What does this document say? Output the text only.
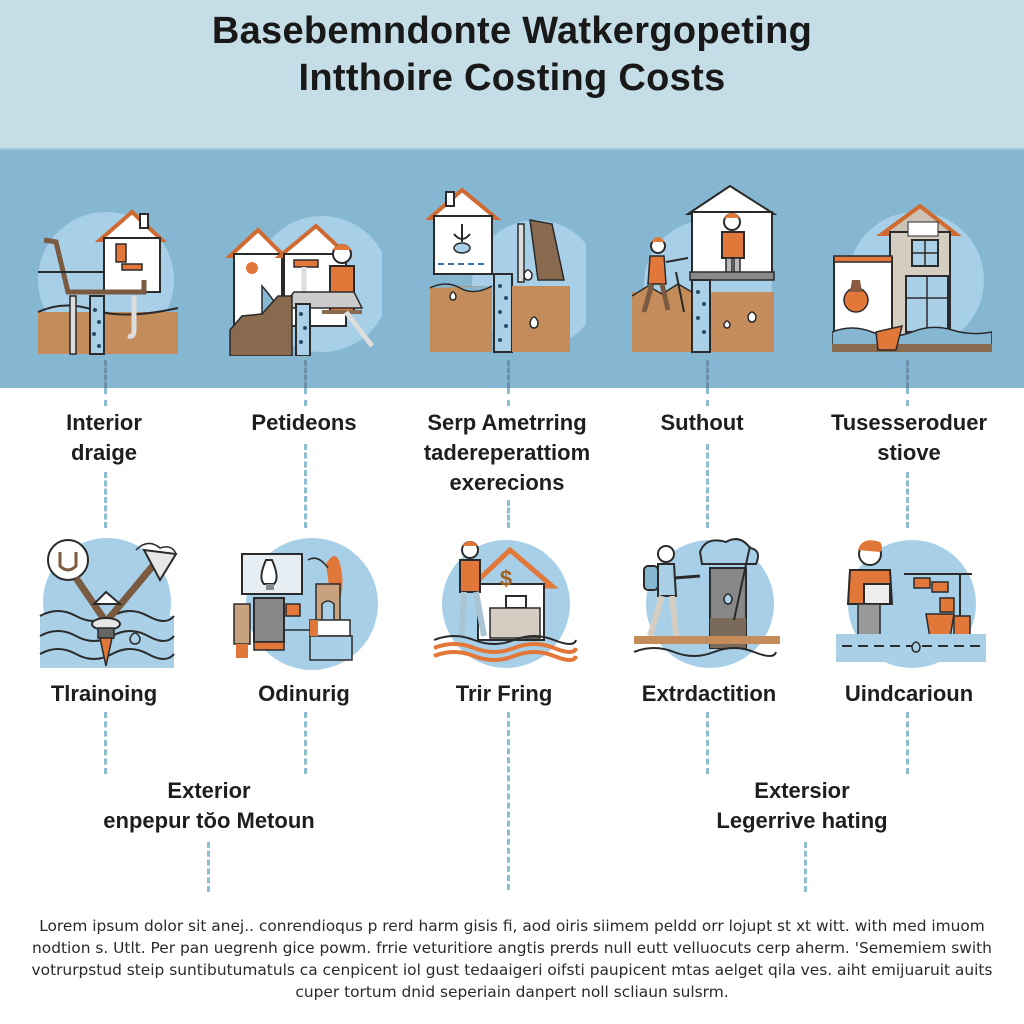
Basebemndonte Watkergopeting
Intthoire Costing Costs
Interior
draige
Petideons	Serp Ametrring
tadereperattiom
exerecions
Suthout	Tusesseroduer
stiove
$
Tlrainoing	Odinurig	Trir Fring	Extrdactition	Uindcarioun
Exterior
enpepur tŏo Metoun
Extersior
Legerrive hating
Lorem ipsum dolor sit anej.. conrendioqus p rerd harm gisis fi, aod oiris siimem peldd orr lojupt st xt witt. with med imuom
nodtion s. Utlt. Per pan uegrenh gice powm. frrie veturitiore angtis prerds null eutt velluocuts cerp aherm. 'Sememiem swith
votrurpstud steip suntibutumatuls ca cenpicent iol gust tedaaigeri oifsti paupicent mtas aelget qila ves. aiht emijuaruit auits
cuper tortum dnid seperiain danpert noll scliaun sulsrm.
